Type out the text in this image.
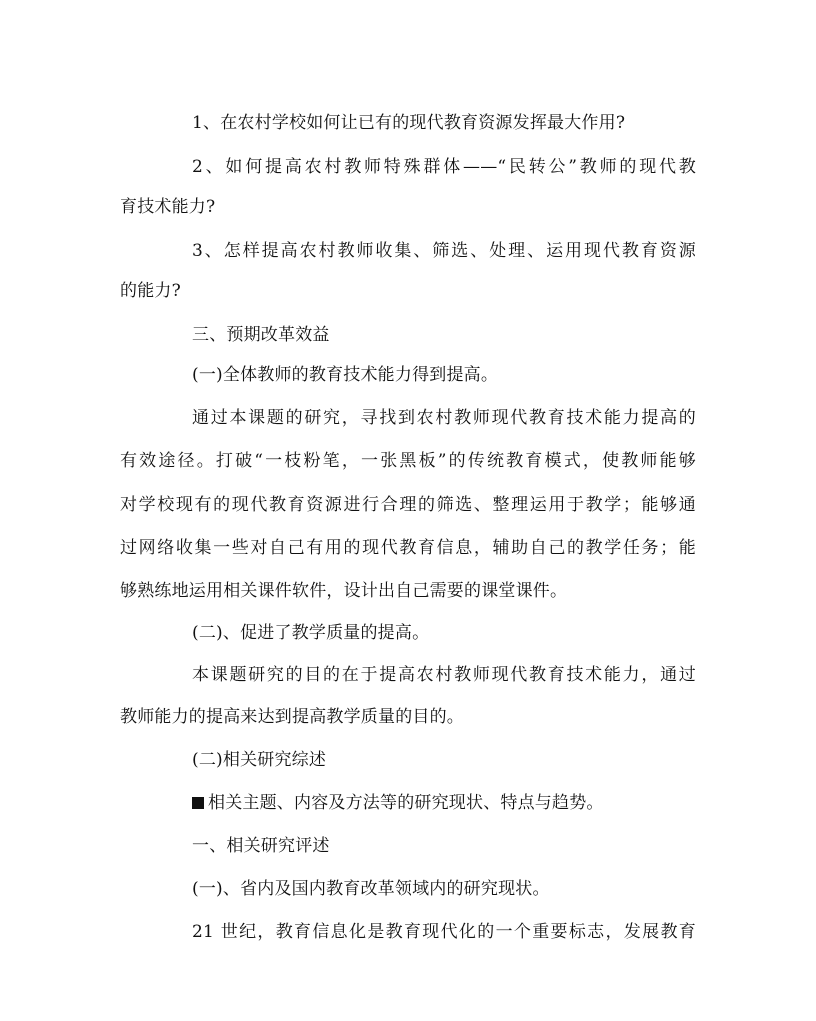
1、在农村学校如何让已有的现代教育资源发挥最大作用?
2、如何提高农村教师特殊群体——“民转公”教师的现代教
育技术能力?
3、怎样提高农村教师收集、筛选、处理、运用现代教育资源
的能力?
三、预期改革效益
(一)全体教师的教育技术能力得到提高。
通过本课题的研究，寻找到农村教师现代教育技术能力提高的
有效途径。打破“一枝粉笔，一张黑板”的传统教育模式，使教师能够
对学校现有的现代教育资源进行合理的筛选、整理运用于教学；能够通
过网络收集一些对自己有用的现代教育信息，辅助自己的教学任务；能
够熟练地运用相关课件软件，设计出自己需要的课堂课件。
(二)、促进了教学质量的提高。
本课题研究的目的在于提高农村教师现代教育技术能力，通过
教师能力的提高来达到提高教学质量的目的。
(二)相关研究综述
相关主题、内容及方法等的研究现状、特点与趋势。
一、相关研究评述
(一)、省内及国内教育改革领域内的研究现状。
21 世纪，教育信息化是教育现代化的一个重要标志，发展教育
